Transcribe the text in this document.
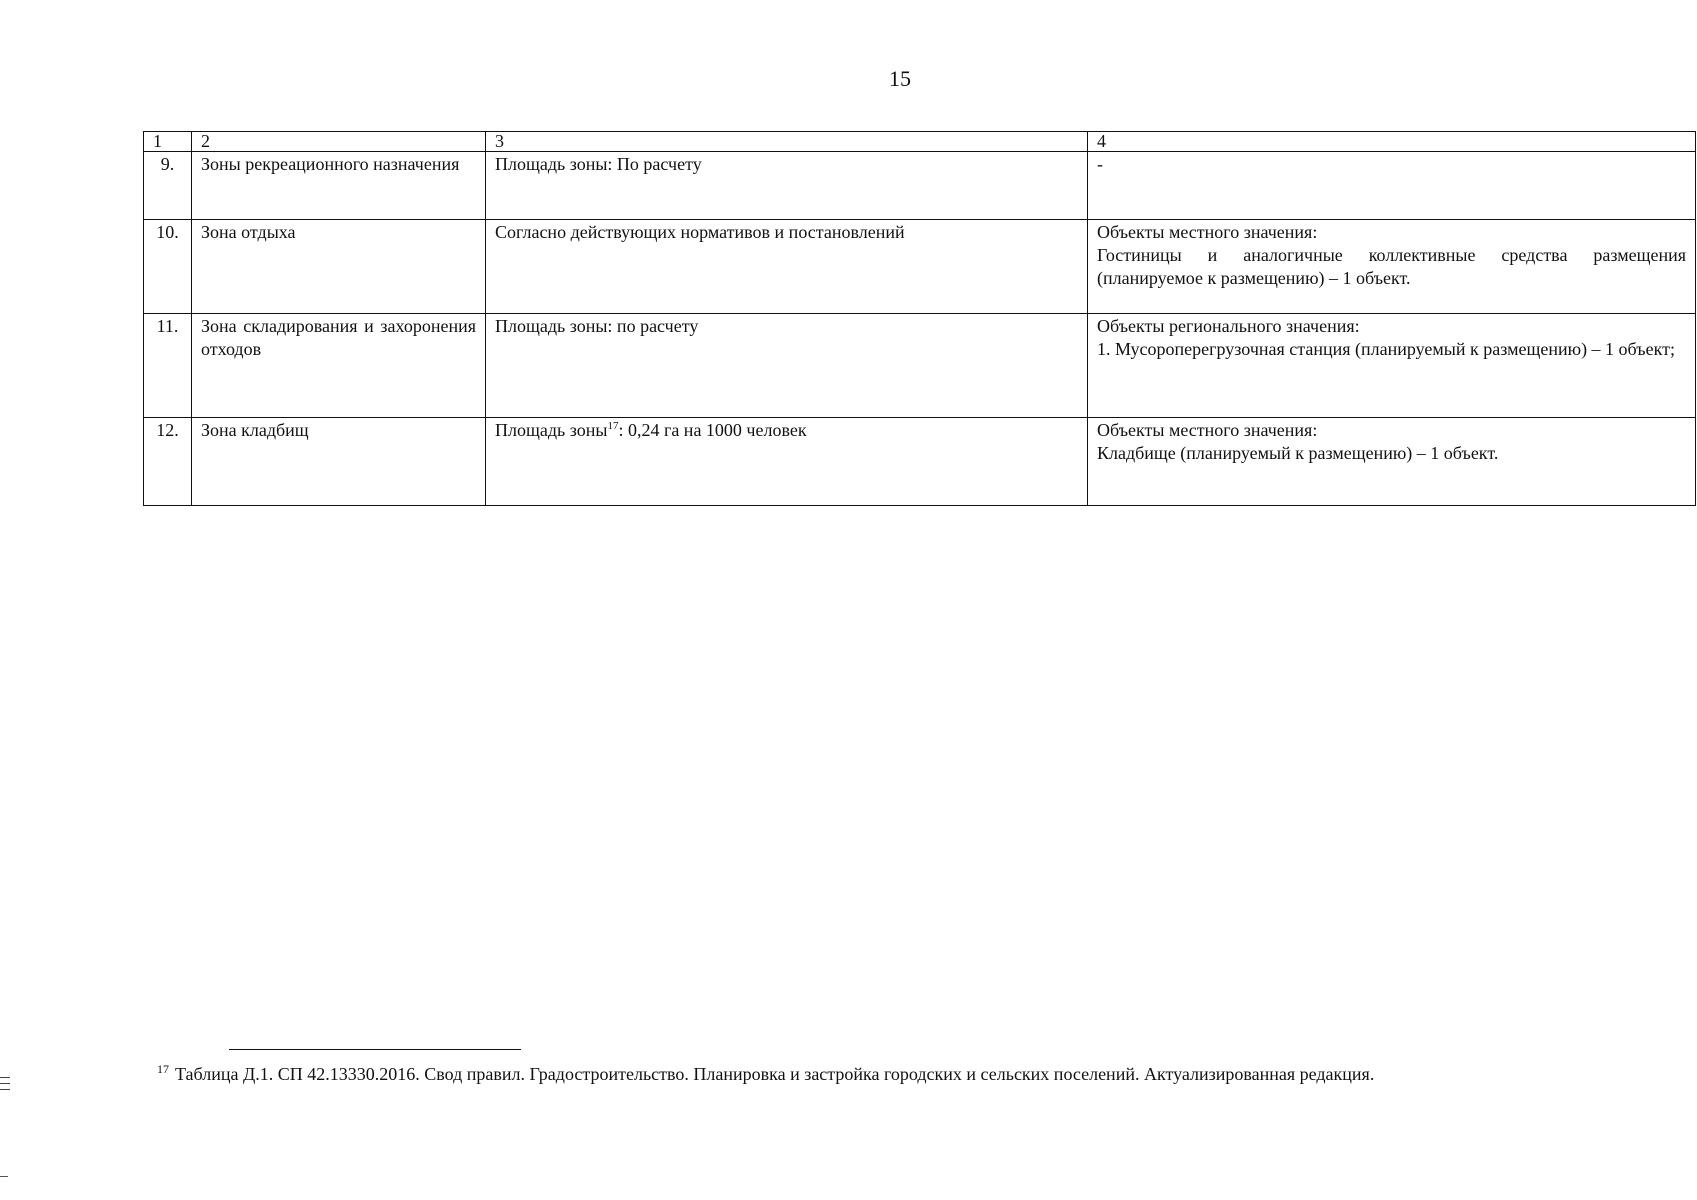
15
1	2	3	4
9.	Зоны рекреационного назначения	Площадь зоны: По расчету	-

10.	Зона отдыха	Согласно действующих нормативов и постановлений	Объекты местного значения:
Гостиницы и аналогичные коллективные средства размещения (планируемое к размещению) – 1 объект.

11.	Зона складирования и захоронения отходов	Площадь зоны: по расчету	Объекты регионального значения:
1. Мусороперегрузочная станция (планируемый к размещению) – 1 объект;

12.	Зона кладбищ	Площадь зоны$^{17}$: 0,24 га на 1000 человек	Объекты местного значения:
Кладбище (планируемый к размещению) – 1 объект.
$^{17}$ Таблица Д.1. СП 42.13330.2016. Свод правил. Градостроительство. Планировка и застройка городских и сельских поселений. Актуализированная редакция.
